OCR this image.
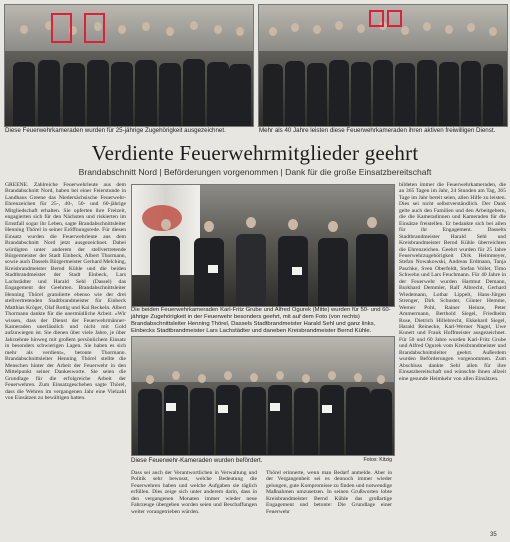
Diese Feuerwehrkameraden wurden für 25-jährige Zugehörigkeit ausgezeichnet.	Mehr als 40 Jahre leisten diese Feuerwehrkameraden ihren aktiven freiwilligen Dienst.
Verdiente Feuerwehrmitglieder geehrt
Brandabschnitt Nord | Beförderungen vorgenommen | Dank für die große Einsatzbereitschaft
GREENE. Zahlreiche Feuerwehrleute aus dem Brandabschnitt Nord, haben bei einer Feierstunde in Landhaus Greene das Niedersächsische Feuerwehr-Ehrenzeichen für 25-, 40-, 50- und 60-jährige Mitgliedschaft erhalten. Sie opferten ihre Freizeit, engagierten sich für den Nächsten und riskierten im Ernstfall sogar ihr Leben, sagte Brandabschnittsleiter Henning Thörel in seiner Eröffnungsrede. Für diesen Einsatz wurden die Feuerwehrleute aus dem Brandabschnitt Nord jetzt ausgezeichnet. Dabei würdigten unter anderem der stellvertretende Bürgermeister der Stadt Einbeck, Albert Thormann, sowie auch Dassels Bürgermeister Gerhard Melching, Kreisbrandmeister Bernd Kühle und die beiden Stadtbrandmeister der Stadt Einbeck, Lars Lachstädter und Harald Sehl (Dassel) das Engagement der Geehrten. Brandabschnittsleiter Henning Thörel gratulierte ebenso wie der drei stellvertretenden Stadtbrandmeister für Einbeck Matthias Kröger, Olaf Rottig und Kai Reckeln. Albert Thormann dankte für die unermüdliche Arbeit. »Wir wissen, dass der Dienst der Feuerwehrmänner-Kameraden unerlässlich und nicht mit Gold aufzuwiegen ist. Sie dienen über viele Jahre, je über Jahrzehnte hinweg mit großem persönlichem Einsatz in besonders schwierigen Lagen. Sie haben es sich mehr als verdient«, betonte Thormann. Brandabschnittsleiter Henning Thörel stellte die Menschen hinter der Arbeit der Feuerwehr in den Mittelpunkt seiner Dankesworte. Sie seien die Grundlage für die erfolgreiche Arbeit der Feuerwehren. Zum Einsatzgeschehen sagte Thörel, dass die Wehren im vergangenen Jahr eine Vielzahl von Einsätzen zu bewältigen hatten.
Die beiden Feuerwehrkameraden Karl-Fritz Grube und Alfred Ogurek (Mitte) wurden für 50- und 60-jährige Zugehörigkeit in der Feuerwehr besonders geehrt, mit auf dem Foto (von rechts) Brandabschnittsleiter Henning Thörel, Dassels Stadtbrandmeister Harald Sehl und ganz links, Einbecks Stadtbrandmeister Lars Lachstädter und daneben Kreisbrandmeister Bernd Kühle.
Diese Feuerwehr-Kameraden wurden befördert.	Fotos: Kitzig
Dass sei auch der Verantwortlichen in Verwaltung und Politik sehr bewusst, welche Bedeutung die Feuerwehren haben und welche Aufgaben sie täglich erfüllen. Dies zeige sich unter anderem darin, dass in den vergangenen Monaten immer wieder neue Fahrzeuge übergeben worden seien und Beschaffungen weiter vorangetrieben würden.
Thörel erinnerte, wenn man Bedarf anmelde. Aber in der Vergangenheit sei es dennoch immer wieder gelungen, gute Kompromisse zu finden und notwendige Maßnahmen umzusetzen. In seinen Grußworten lobte Kreisbrandmeister Bernd Kühle das großartige Engagement und betonte: Die Grundlage einer Feuerwehr
bildeten immer die Feuerwehrkameraden, die an 365 Tagen im Jahr, 24 Stunden am Tag, 365 Tage im Jahr bereit seien, allen Hilfe zu leisten. Dies sei nicht selbstverständlich. Der Dank gelte auch den Familien und den Arbeitgebern, die die Kameradinnen und Kameraden für die Einsätze freistellen. Er bedankte sich bei allen für ihr Engagement. Dasselts Stadtbrandmeister Harald Sehl und Kreisbrandmeister Bernd Kühle überreichten die Ehrenzeichen. Geehrt wurden für 25 Jahre Feuerwehrzugehörigkeit Dirk Heimmeyer, Stefan Nowakowski, Andreas Erdmann, Tanja Paschke, Sven Oberfeldt, Stefan Vollet, Timo Schwehn und Lars Feuchmann. Für 40 Jahre in der Feuerwehr wurden Hartmut Demann, Burkhard Demmler, Ralf Albrecht, Gerhard Wiedemann, Lothar Lippelt, Hans-Jürgen Strenger, Dirk Schuster, Günter Hemme, Werner Pohl, Rainer Heinze, Peter Ammermann, Berthold Siegel, Friedhelm Rose, Dietrich Hillebrecht, Ekkehard Siegel, Harald Reinecke, Karl-Werner Nagel, Uwe Kunert und Frank Hoffmeister ausgezeichnet. Für 50 und 60 Jahre wurden Karl-Fritz Grube und Alfred Ogurek vom Kreisbrandmeister und Brandabschnittsleiter geehrt. Außerdem wurden Beförderungen vorgenommen. Zum Abschluss dankte Sehl allen für ihre Einsatzbereitschaft und wünschte ihnen allzeit eine gesunde Heimkehr von allen Einsätzen.
35
